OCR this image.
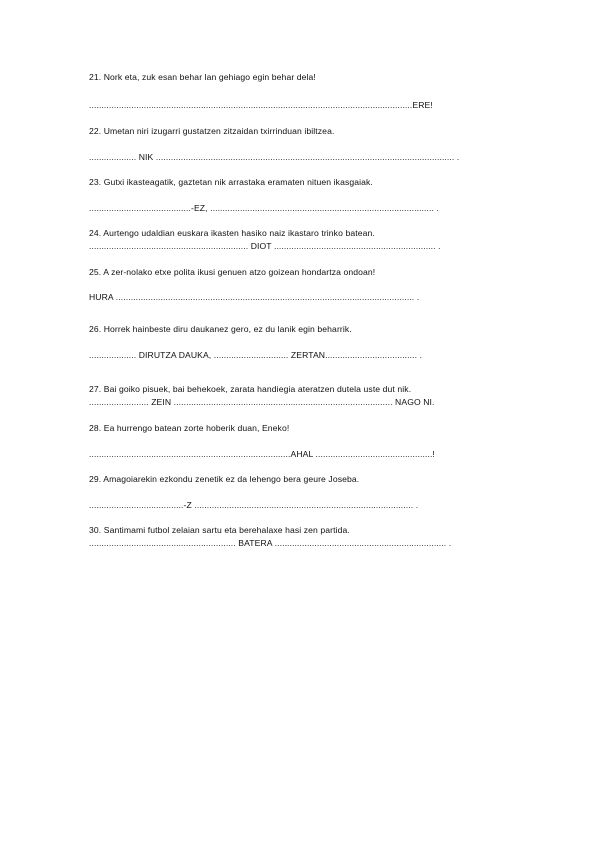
21. Nork eta, zuk esan behar lan gehiago egin behar dela!
..................................................................................................................................ERE!
22. Umetan niri izugarri gustatzen zitzaidan txirrinduan ibiltzea.
................... NIK ........................................................................................................................ .
23. Gutxi ikasteagatik, gaztetan nik arrastaka eramaten nituen ikasgaiak.
.........................................-EZ, .......................................................................................... .
24. Aurtengo udaldian euskara ikasten hasiko naiz ikastaro trinko batean.
................................................................ DIOT ................................................................. .
25. A zer-nolako etxe polita ikusi genuen atzo goizean hondartza ondoan!
HURA ........................................................................................................................ .
26. Horrek hainbeste diru daukanez gero, ez du lanik egin beharrik.
................... DIRUTZA DAUKA, .............................. ZERTAN..................................... .
27. Bai goiko pisuek, bai behekoek, zarata handiegia ateratzen dutela uste dut nik.
........................ ZEIN ........................................................................................ NAGO NI.
28. Ea hurrengo batean zorte hoberik duan, Eneko!
.................................................................................AHAL ...............................................!
29. Amagoiarekin ezkondu zenetik ez da lehengo bera geure Joseba.
......................................-Z ........................................................................................ .
30. Santimami futbol zelaian sartu eta berehalaxe hasi zen partida.
........................................................... BATERA ..................................................................... .
